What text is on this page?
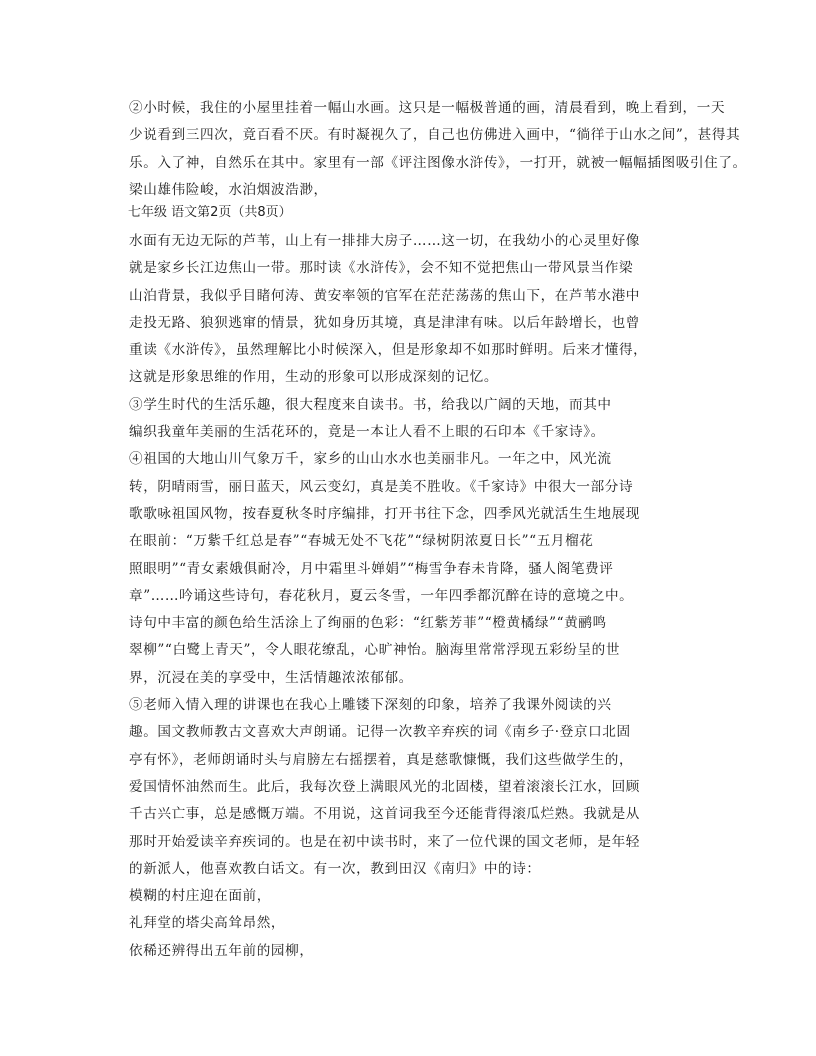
②小时候，我住的小屋里挂着一幅山水画。这只是一幅极普通的画，清晨看到，晚上看到，一天
少说看到三四次，竟百看不厌。有时凝视久了，自己也仿佛进入画中，“徜徉于山水之间”，甚得其
乐。入了神，自然乐在其中。家里有一部《评注图像水浒传》，一打开，就被一幅幅插图吸引住了。
梁山雄伟险峻，水泊烟波浩渺，
七年级 语文第2页（共8页）
水面有无边无际的芦苇，山上有一排排大房子……这一切，在我幼小的心灵里好像
就是家乡长江边焦山一带。那时读《水浒传》，会不知不觉把焦山一带风景当作梁
山泊背景，我似乎目睹何涛、黄安率领的官军在茫茫荡荡的焦山下，在芦苇水港中
走投无路、狼狈逃窜的情景，犹如身历其境，真是津津有味。以后年龄增长，也曾
重读《水浒传》，虽然理解比小时候深入，但是形象却不如那时鲜明。后来才懂得，
这就是形象思维的作用，生动的形象可以形成深刻的记忆。
③学生时代的生活乐趣，很大程度来自读书。书，给我以广阔的天地，而其中
编织我童年美丽的生活花环的，竟是一本让人看不上眼的石印本《千家诗》。
④祖国的大地山川气象万千，家乡的山山水水也美丽非凡。一年之中，风光流
转，阴晴雨雪，丽日蓝天，风云变幻，真是美不胜收。《千家诗》中很大一部分诗
歌歌咏祖国风物，按春夏秋冬时序编排，打开书往下念，四季风光就活生生地展现
在眼前：“万紫千红总是春”“春城无处不飞花”“绿树阴浓夏日长”“五月榴花
照眼明”“青女素娥俱耐冷，月中霜里斗婵娟”“梅雪争春未肯降，骚人阁笔费评
章”……吟诵这些诗句，春花秋月，夏云冬雪，一年四季都沉醉在诗的意境之中。
诗句中丰富的颜色给生活涂上了绚丽的色彩：“红紫芳菲”“橙黄橘绿”“黄鹂鸣
翠柳”“白鹭上青天”，令人眼花缭乱，心旷神怡。脑海里常常浮现五彩纷呈的世
界，沉浸在美的享受中，生活情趣浓浓郁郁。
⑤老师入情入理的讲课也在我心上雕镂下深刻的印象，培养了我课外阅读的兴
趣。国文教师教古文喜欢大声朗诵。记得一次教辛弃疾的词《南乡子·登京口北固
亭有怀》，老师朗诵时头与肩膀左右摇摆着，真是慈歌慷慨，我们这些做学生的，
爱国情怀油然而生。此后，我每次登上满眼风光的北固楼，望着滚滚长江水，回顾
千古兴亡事，总是感慨万端。不用说，这首词我至今还能背得滚瓜烂熟。我就是从
那时开始爱读辛弃疾词的。也是在初中读书时，来了一位代课的国文老师，是年轻
的新派人，他喜欢教白话文。有一次，教到田汉《南归》中的诗：
模糊的村庄迎在面前，
礼拜堂的塔尖高耸昂然，
依稀还辨得出五年前的园柳，
